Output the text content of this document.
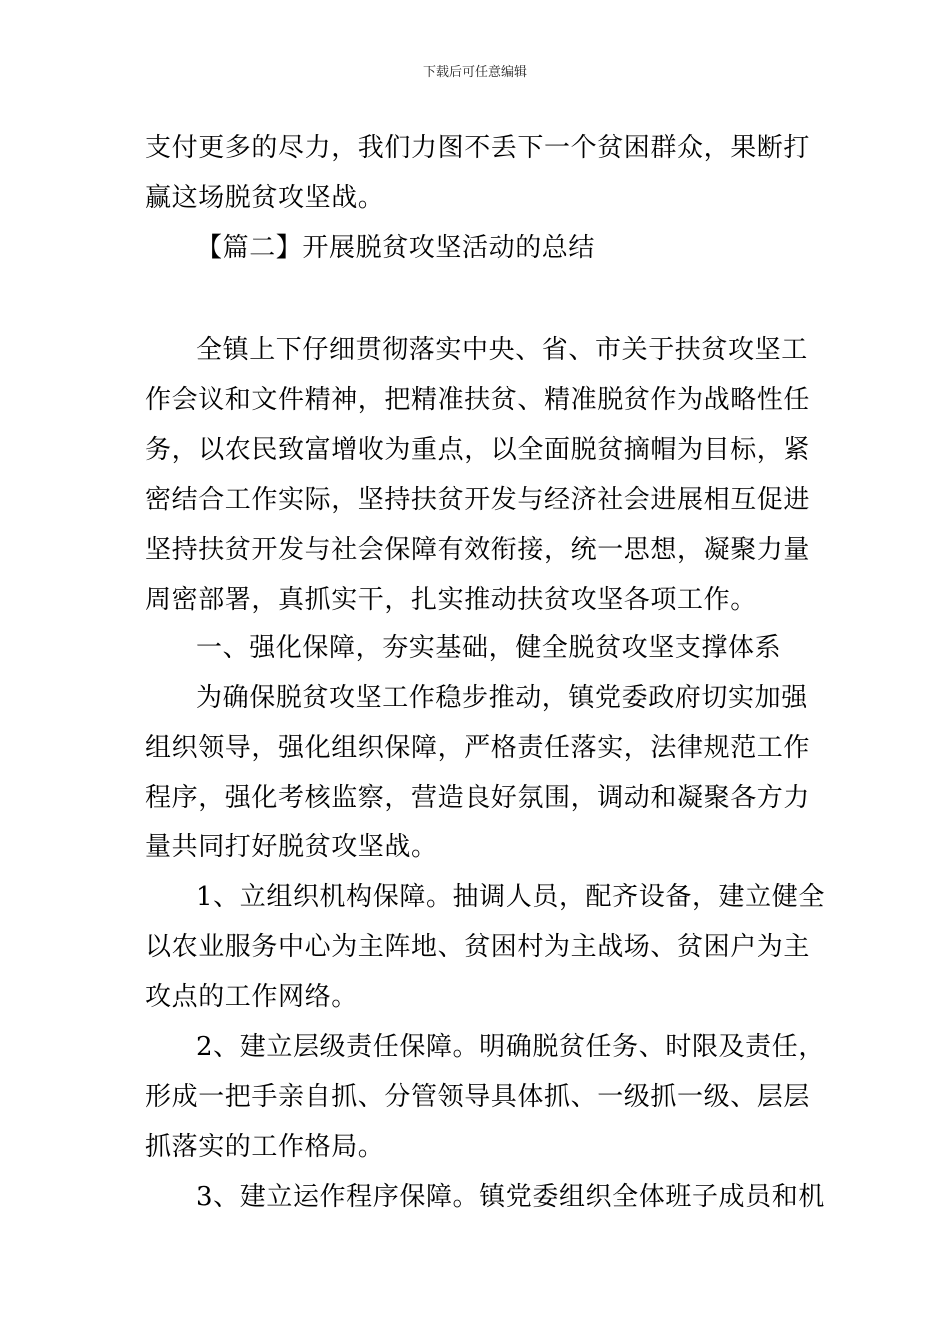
下载后可任意编辑
支付更多的尽力，我们力图不丢下一个贫困群众，果断打
赢这场脱贫攻坚战。
【篇二】开展脱贫攻坚活动的总结
全镇上下仔细贯彻落实中央、省、市关于扶贫攻坚工
作会议和文件精神，把精准扶贫、精准脱贫作为战略性任
务，以农民致富增收为重点，以全面脱贫摘帽为目标，紧
密结合工作实际，坚持扶贫开发与经济社会进展相互促进
坚持扶贫开发与社会保障有效衔接，统一思想，凝聚力量
周密部署，真抓实干，扎实推动扶贫攻坚各项工作。
一、强化保障，夯实基础，健全脱贫攻坚支撑体系
为确保脱贫攻坚工作稳步推动，镇党委政府切实加强
组织领导，强化组织保障，严格责任落实，法律规范工作
程序，强化考核监察，营造良好氛围，调动和凝聚各方力
量共同打好脱贫攻坚战。
1、立组织机构保障。抽调人员，配齐设备，建立健全
以农业服务中心为主阵地、贫困村为主战场、贫困户为主
攻点的工作网络。
2、建立层级责任保障。明确脱贫任务、时限及责任，
形成一把手亲自抓、分管领导具体抓、一级抓一级、层层
抓落实的工作格局。
3、建立运作程序保障。镇党委组织全体班子成员和机
